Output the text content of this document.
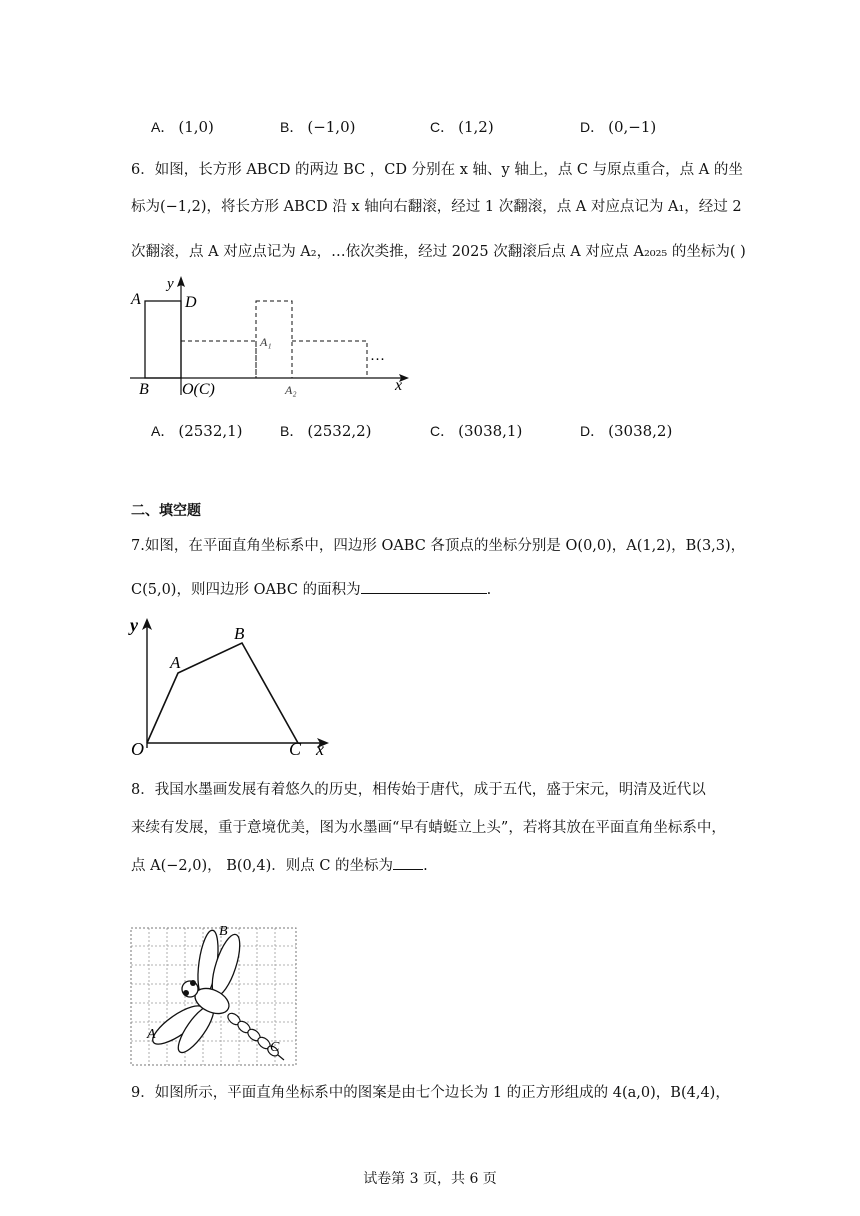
A． (1,0)	B． (−1,0)	C． (1,2)	D． (0,−1)
6．如图，长方形 ABCD 的两边 BC ，CD 分别在 x 轴、y 轴上，点 C 与原点重合，点 A 的坐
标为(−1,2)，将长方形 ABCD 沿 x 轴向右翻滚，经过 1 次翻滚，点 A 对应点记为 A₁，经过 2
次翻滚，点 A 对应点记为 A₂，…依次类推，经过 2025 次翻滚后点 A 对应点 A₂₀₂₅ 的坐标为( )
A
B
D
y
O(C)
A₁
A₂
···
x
A． (2532,1)	B． (2532,2)	C． (3038,1)	D． (3038,2)
二、填空题
7.如图，在平面直角坐标系中，四边形 OABC 各顶点的坐标分别是 O(0,0)，A(1,2)，B(3,3)，
C(5,0)，则四边形 OABC 的面积为	.
y
O
A
B
C x
8．我国水墨画发展有着悠久的历史，相传始于唐代，成于五代，盛于宋元，明清及近代以
来续有发展，重于意境优美，图为水墨画“早有蜻蜓立上头”，若将其放在平面直角坐标系中，
点 A(−2,0)， B(0,4)．则点 C 的坐标为 .
B
A
C
9．如图所示，平面直角坐标系中的图案是由七个边长为 1 的正方形组成的 4(a,0)，B(4,4)，
试卷第 3 页，共 6 页
